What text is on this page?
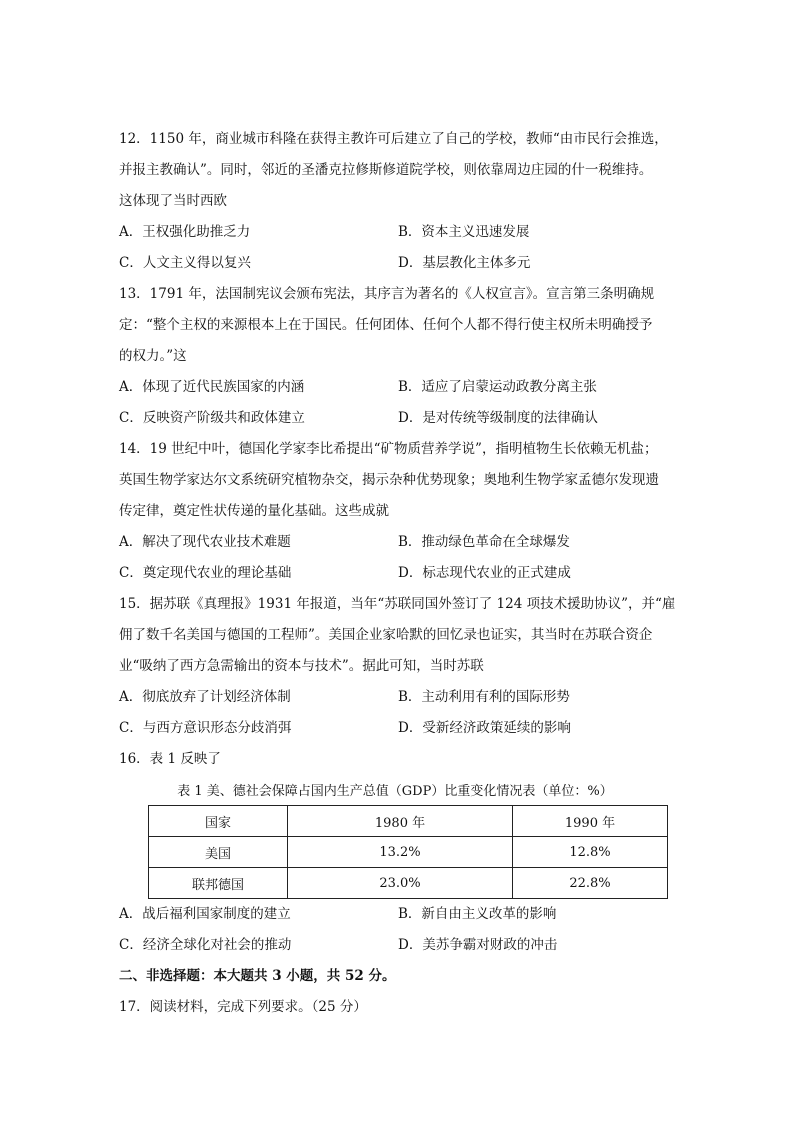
12．1150 年，商业城市科隆在获得主教许可后建立了自己的学校，教师“由市民行会推选，

并报主教确认”。同时，邻近的圣潘克拉修斯修道院学校，则依靠周边庄园的什一税维持。

这体现了当时西欧

A．王权强化助推乏力	B．资本主义迅速发展
C．人文主义得以复兴	D．基层教化主体多元

13．1791 年，法国制宪议会颁布宪法，其序言为著名的《人权宣言》。宣言第三条明确规

定：“整个主权的来源根本上在于国民。任何团体、任何个人都不得行使主权所未明确授予

的权力。”这

A．体现了近代民族国家的内涵	B．适应了启蒙运动政教分离主张
C．反映资产阶级共和政体建立	D．是对传统等级制度的法律确认

14．19 世纪中叶，德国化学家李比希提出“矿物质营养学说”，指明植物生长依赖无机盐；

英国生物学家达尔文系统研究植物杂交，揭示杂种优势现象；奥地利生物学家孟德尔发现遗

传定律，奠定性状传递的量化基础。这些成就

A．解决了现代农业技术难题	B．推动绿色革命在全球爆发
C．奠定现代农业的理论基础	D．标志现代农业的正式建成

15．据苏联《真理报》1931 年报道，当年“苏联同国外签订了 124 项技术援助协议”，并“雇

佣了数千名美国与德国的工程师”。美国企业家哈默的回忆录也证实，其当时在苏联合资企

业“吸纳了西方急需输出的资本与技术”。据此可知，当时苏联

A．彻底放弃了计划经济体制	B．主动利用有利的国际形势
C．与西方意识形态分歧消弭	D．受新经济政策延续的影响

16．表 1 反映了

表 1 美、德社会保障占国内生产总值（GDP）比重变化情况表（单位：%）

国家	1980 年	1990 年
美国	13.2%	12.8%
联邦德国	23.0%	22.8%
A．战后福利国家制度的建立	B．新自由主义改革的影响
C．经济全球化对社会的推动	D．美苏争霸对财政的冲击

二、非选择题：本大题共 3 小题，共 52 分。

17．阅读材料，完成下列要求。（25 分）
